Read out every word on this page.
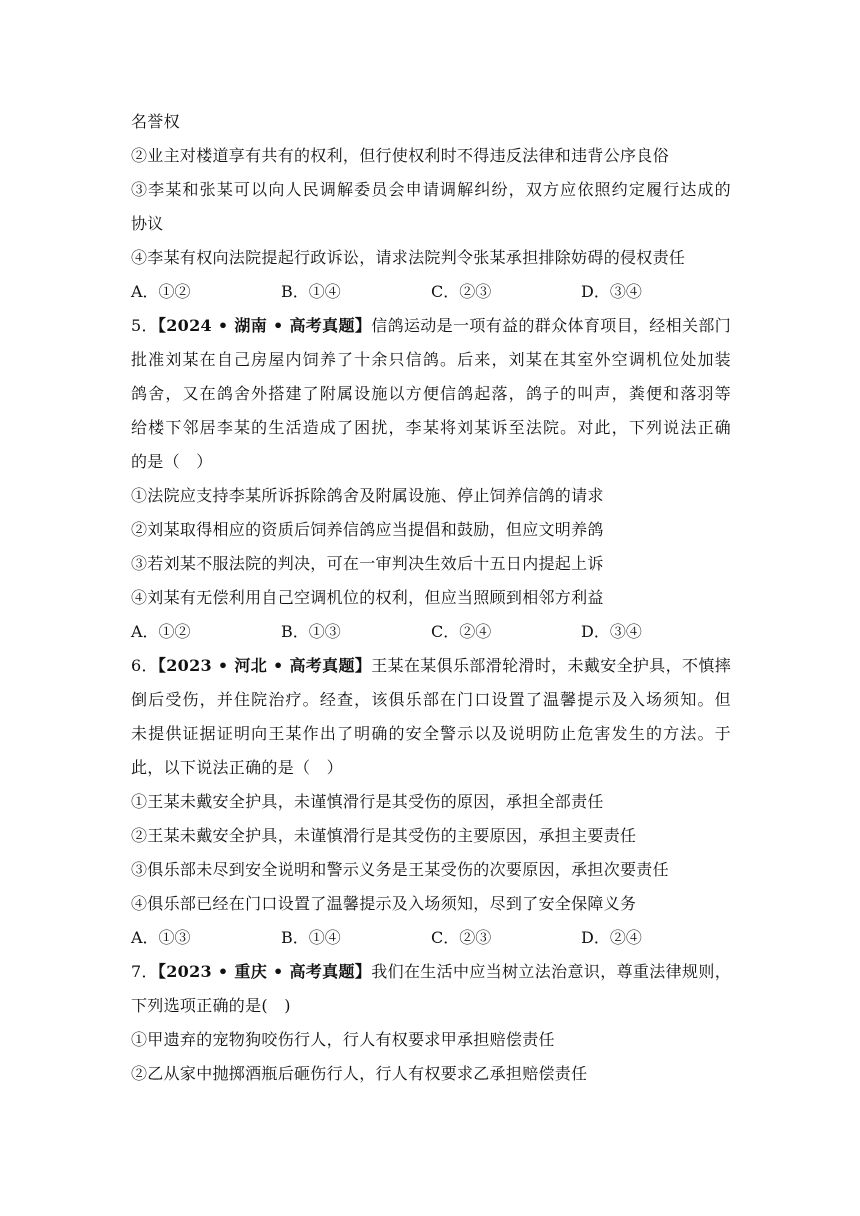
名誉权
②业主对楼道享有共有的权利，但行使权利时不得违反法律和违背公序良俗
③李某和张某可以向人民调解委员会申请调解纠纷，双方应依照约定履行达成的
协议
④李某有权向法院提起行政诉讼，请求法院判令张某承担排除妨碍的侵权责任
A．①②	B．①④	C．②③	D．③④
5．【2024 • 湖南 • 高考真题】信鸽运动是一项有益的群众体育项目，经相关部门
批准刘某在自己房屋内饲养了十余只信鸽。后来，刘某在其室外空调机位处加装
鸽舍，又在鸽舍外搭建了附属设施以方便信鸽起落，鸽子的叫声，粪便和落羽等
给楼下邻居李某的生活造成了困扰，李某将刘某诉至法院。对此，下列说法正确
的是（　）
①法院应支持李某所诉拆除鸽舍及附属设施、停止饲养信鸽的请求
②刘某取得相应的资质后饲养信鸽应当提倡和鼓励，但应文明养鸽
③若刘某不服法院的判决，可在一审判决生效后十五日内提起上诉
④刘某有无偿利用自己空调机位的权利，但应当照顾到相邻方利益
A．①②	B．①③	C．②④	D．③④
6．【2023 • 河北 • 高考真题】王某在某俱乐部滑轮滑时，未戴安全护具，不慎摔
倒后受伤，并住院治疗。经查，该俱乐部在门口设置了温馨提示及入场须知。但
未提供证据证明向王某作出了明确的安全警示以及说明防止危害发生的方法。于
此，以下说法正确的是（　）
①王某未戴安全护具，未谨慎滑行是其受伤的原因，承担全部责任
②王某未戴安全护具，未谨慎滑行是其受伤的主要原因，承担主要责任
③俱乐部未尽到安全说明和警示义务是王某受伤的次要原因，承担次要责任
④俱乐部已经在门口设置了温馨提示及入场须知，尽到了安全保障义务
A．①③	B．①④	C．②③	D．②④
7．【2023 • 重庆 • 高考真题】我们在生活中应当树立法治意识，尊重法律规则，
下列选项正确的是(　)
①甲遗弃的宠物狗咬伤行人，行人有权要求甲承担赔偿责任
②乙从家中抛掷酒瓶后砸伤行人，行人有权要求乙承担赔偿责任
